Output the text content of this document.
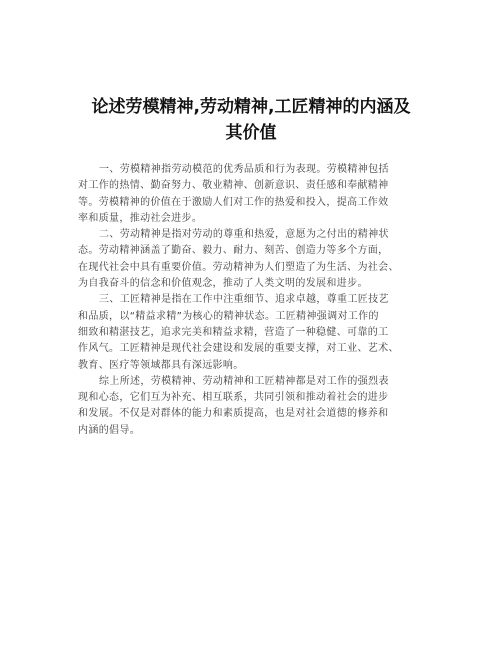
论述劳模精神,劳动精神,工匠精神的内涵及
其价值
一、劳模精神指劳动模范的优秀品质和行为表现。劳模精神包括
对工作的热情、勤奋努力、敬业精神、创新意识、责任感和奉献精神
等。劳模精神的价值在于激励人们对工作的热爱和投入，提高工作效
率和质量，推动社会进步。
二、劳动精神是指对劳动的尊重和热爱，意愿为之付出的精神状
态。劳动精神涵盖了勤奋、毅力、耐力、刻苦、创造力等多个方面，
在现代社会中具有重要价值。劳动精神为人们塑造了为生活、为社会、
为自我奋斗的信念和价值观念，推动了人类文明的发展和进步。
三、工匠精神是指在工作中注重细节、追求卓越，尊重工匠技艺
和品质，以“精益求精”为核心的精神状态。工匠精神强调对工作的
细致和精湛技艺，追求完美和精益求精，营造了一种稳健、可靠的工
作风气。工匠精神是现代社会建设和发展的重要支撑，对工业、艺术、
教育、医疗等领域都具有深远影响。
综上所述，劳模精神、劳动精神和工匠精神都是对工作的强烈表
现和心态，它们互为补充、相互联系，共同引领和推动着社会的进步
和发展。不仅是对群体的能力和素质提高，也是对社会道德的修养和
内涵的倡导。
